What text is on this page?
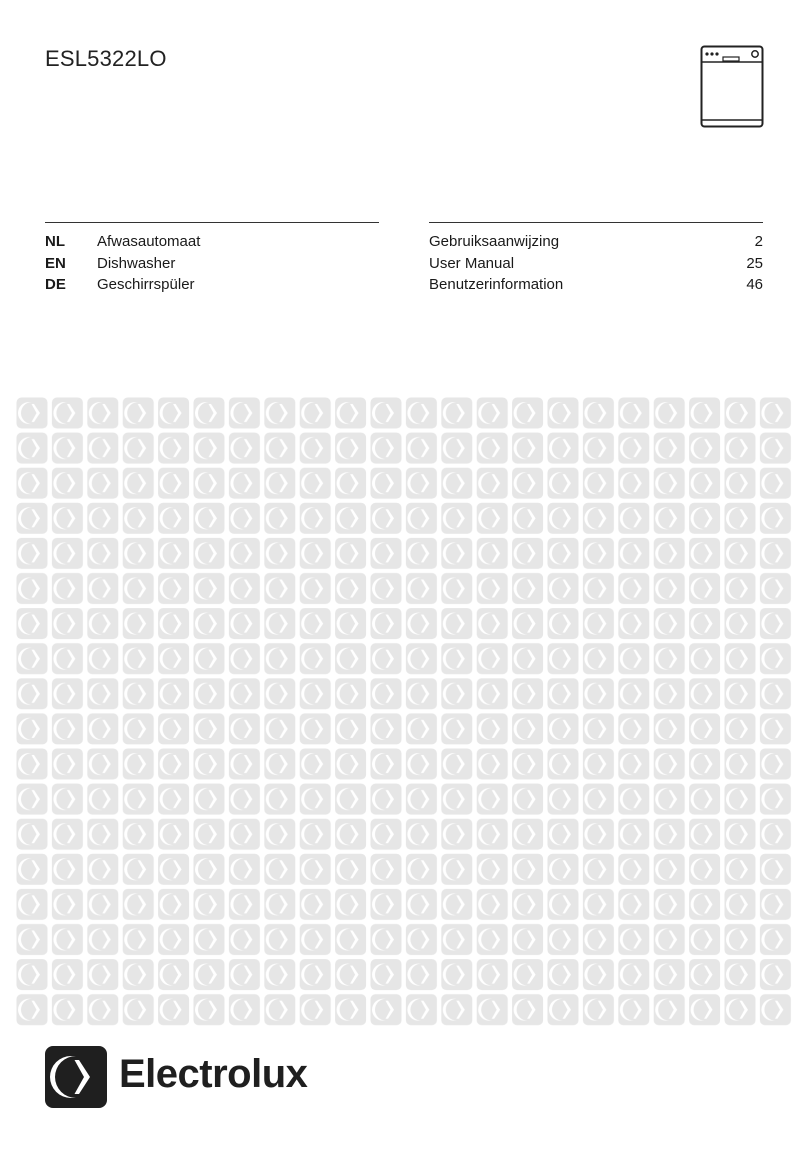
ESL5322LO
NL Afwasautomaat
EN Dishwasher
DE Geschirrspüler
Gebruiksaanwijzing	2
User Manual	25
Benutzerinformation	46
Electrolux
